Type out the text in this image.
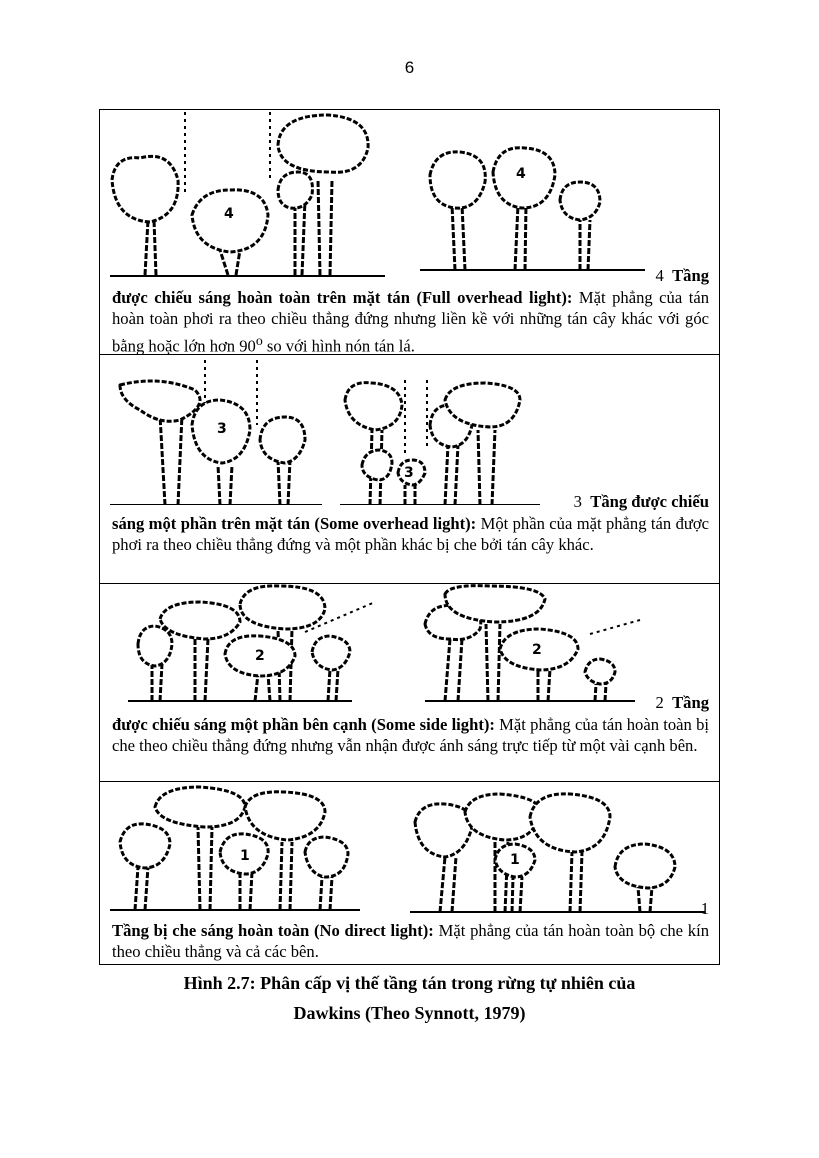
6
4
4
4 Tầng
được chiếu sáng hoàn toàn trên mặt tán (Full overhead light): Mặt phẳng của tán hoàn toàn phơi ra theo chiều thẳng đứng nhưng liền kề với những tán cây khác với góc bằng hoặc lớn hơn 90$^o$ so với hình nón tán lá.
3
3
3 Tầng được chiếu
sáng một phần trên mặt tán (Some overhead light): Một phần của mặt phẳng tán được phơi ra theo chiều thẳng đứng và một phần khác bị che bởi tán cây khác.
2	2
2 Tầng
được chiếu sáng một phần bên cạnh (Some side light): Mặt phẳng của tán hoàn toàn bị che theo chiều thẳng đứng nhưng vẫn nhận được ánh sáng trực tiếp từ một vài cạnh bên.
1	1
1
Tầng bị che sáng hoàn toàn (No direct light): Mặt phẳng của tán hoàn toàn bộ che kín theo chiều thẳng và cả các bên.
Hình 2.7: Phân cấp vị thế tầng tán trong rừng tự nhiên của
Dawkins (Theo Synnott, 1979)
